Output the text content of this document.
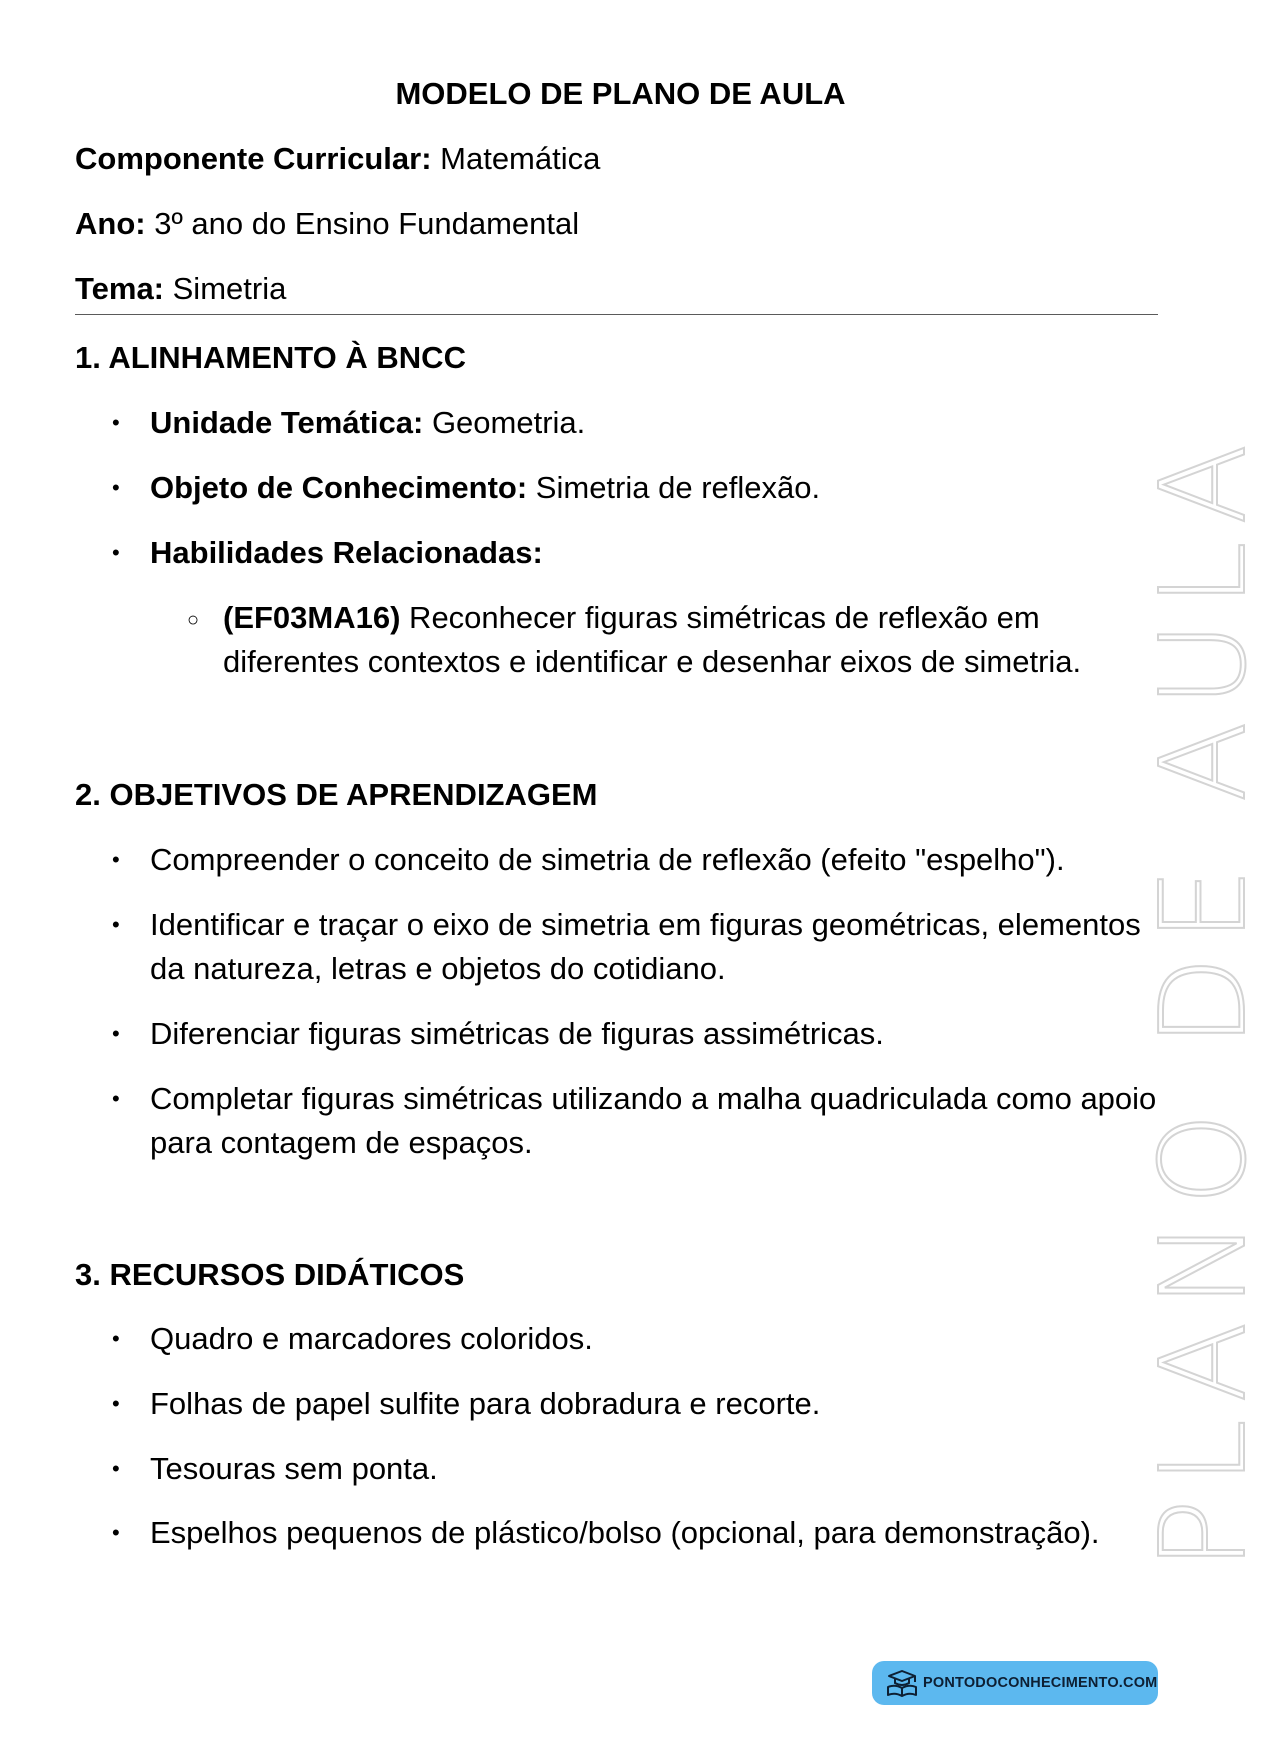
PLANO DE AULA
MODELO DE PLANO DE AULA
Componente Curricular: Matemática
Ano: 3º ano do Ensino Fundamental
Tema: Simetria
1. ALINHAMENTO À BNCC
• Unidade Temática: Geometria.
• Objeto de Conhecimento: Simetria de reflexão.
• Habilidades Relacionadas:
○ (EF03MA16) Reconhecer figuras simétricas de reflexão em diferentes contextos e identificar e desenhar eixos de simetria.
2. OBJETIVOS DE APRENDIZAGEM
• Compreender o conceito de simetria de reflexão (efeito "espelho").
• Identificar e traçar o eixo de simetria em figuras geométricas, elementos da natureza, letras e objetos do cotidiano.
• Diferenciar figuras simétricas de figuras assimétricas.
• Completar figuras simétricas utilizando a malha quadriculada como apoio para contagem de espaços.
3. RECURSOS DIDÁTICOS
• Quadro e marcadores coloridos.
• Folhas de papel sulfite para dobradura e recorte.
• Tesouras sem ponta.
• Espelhos pequenos de plástico/bolso (opcional, para demonstração).
PONTODOCONHECIMENTO.COM
